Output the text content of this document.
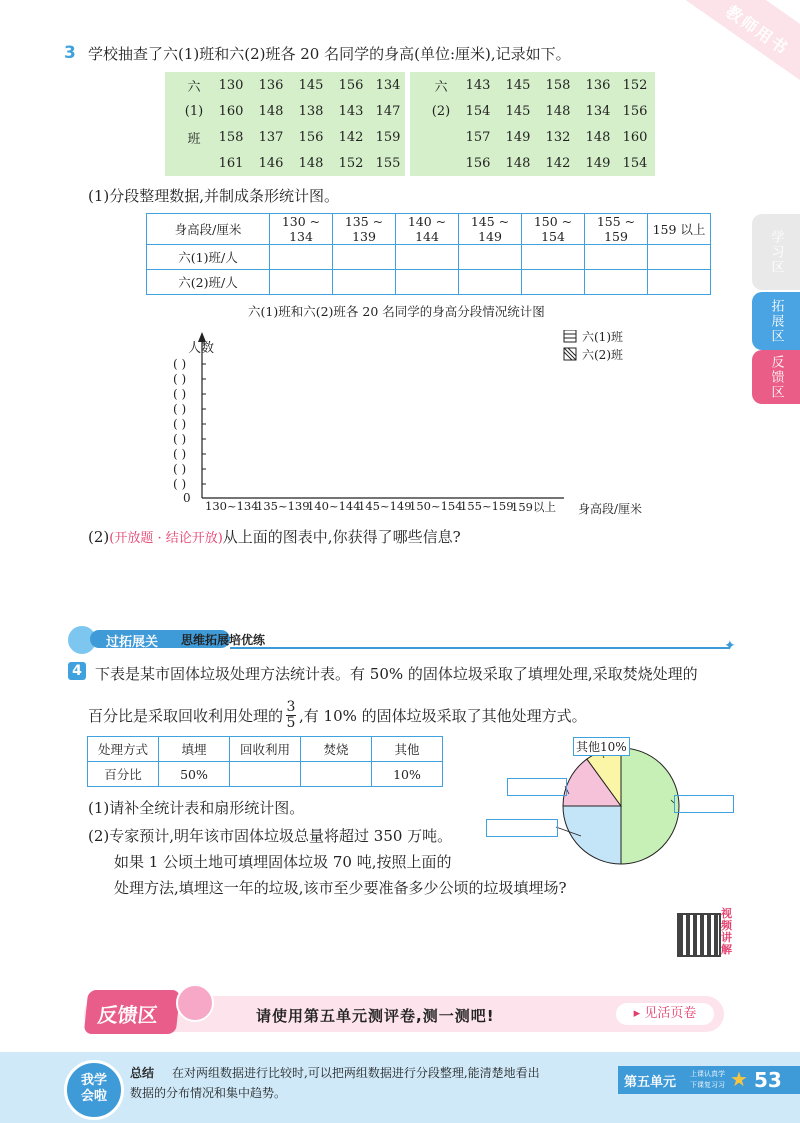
教师用书
学习区
拓展区
反馈区
3 学校抽查了六(1)班和六(2)班各 20 名同学的身高(单位:厘米),记录如下。
六	130	136	145	156	134
(1)	160	148	138	143	147
班	158	137	156	142	159
	161	146	148	152	155
六	143	145	158	136	152
(2)	154	145	148	134	156
	157	149	132	148	160
	156	148	142	149	154
(1)分段整理数据,并制成条形统计图。
身高段/厘米	130 ~ 134	135 ~ 139	140 ~ 144	145 ~ 149	150 ~ 154	155 ~ 159	159 以上
六(1)班/人							
六(2)班/人							
六(1)班和六(2)班各 20 名同学的身高分段情况统计图
六(1)班
六(2)班
人数
( )
( )
( )
( )
( )
( )
( )
( )
( )
0
130~134
135~139
140~144
145~149
150~154
155~159
159以上	身高段/厘米
(2)(开放题 · 结论开放)从上面的图表中,你获得了哪些信息?
过拓展关 思维拓展培优练	✦
4 下表是某市固体垃圾处理方法统计表。有 50% 的固体垃圾采取了填埋处理,采取焚烧处理的
百分比是采取回收利用处理的 3
5 ,有 10% 的固体垃圾采取了其他处理方式。
处理方式	填埋	回收利用	焚烧	其他
百分比	50%			10%
其他10%
(1)请补全统计表和扇形统计图。
(2)专家预计,明年该市固体垃圾总量将超过 350 万吨。
如果 1 公顷土地可填埋固体垃圾 70 吨,按照上面的
处理方法,填埋这一年的垃圾,该市至少要准备多少公顷的垃圾填埋场?
视频讲解
请使用第五单元测评卷,测一测吧!	▸ 见活页卷
反馈区
我学会啦
总结 在对两组数据进行比较时,可以把两组数据进行分段整理,能清楚地看出
数据的分布情况和集中趋势。
第五单元
上课认真学
下课复习习 ★ 53
